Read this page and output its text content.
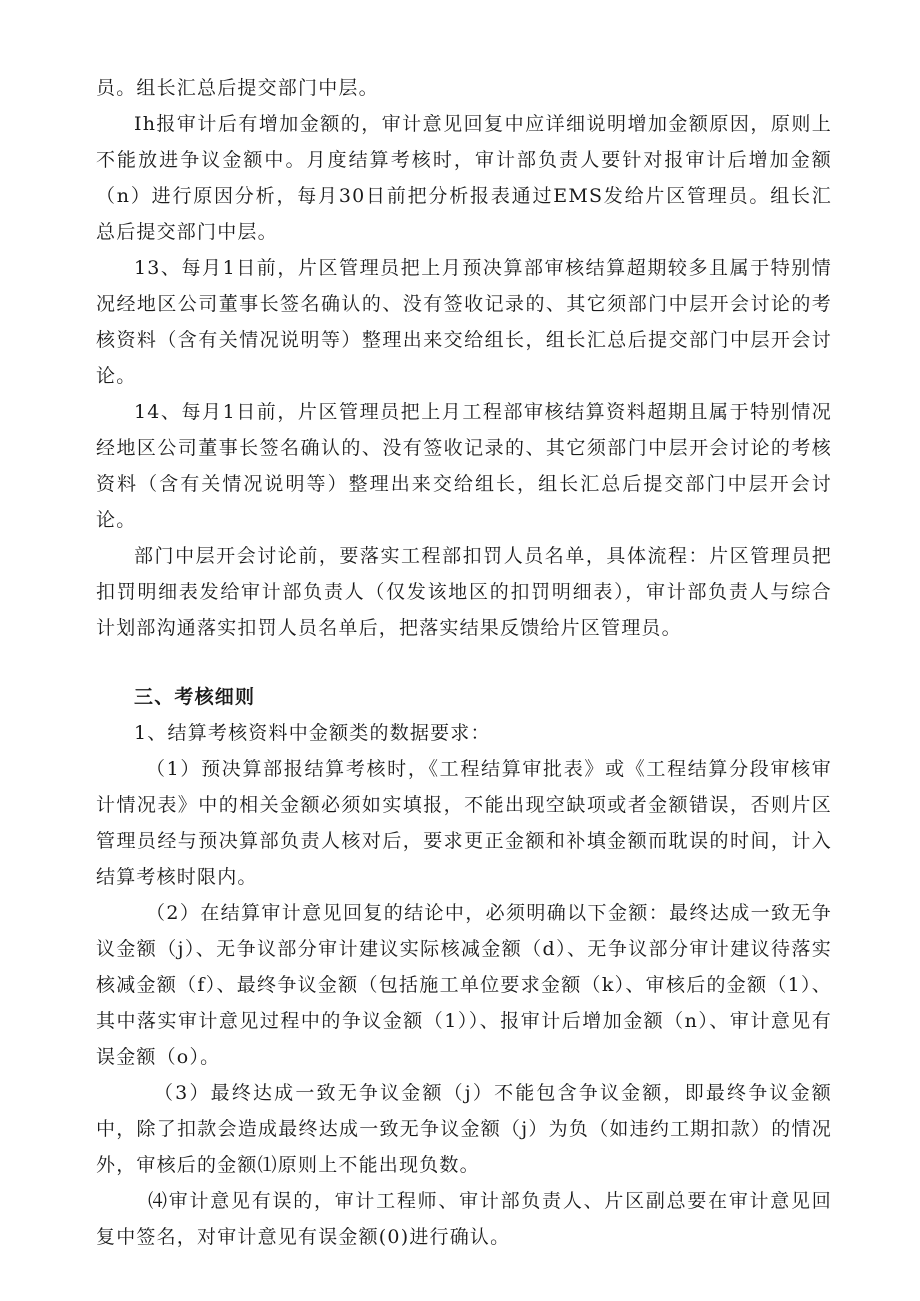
员。组长汇总后提交部门中层。

Ih报审计后有增加金额的，审计意见回复中应详细说明增加金额原因，原则上不能放进争议金额中。月度结算考核时，审计部负责人要针对报审计后增加金额（n）进行原因分析，每月30日前把分析报表通过EMS发给片区管理员。组长汇总后提交部门中层。

13、每月1日前，片区管理员把上月预决算部审核结算超期较多且属于特别情况经地区公司董事长签名确认的、没有签收记录的、其它须部门中层开会讨论的考核资料（含有关情况说明等）整理出来交给组长，组长汇总后提交部门中层开会讨论。

14、每月1日前，片区管理员把上月工程部审核结算资料超期且属于特别情况经地区公司董事长签名确认的、没有签收记录的、其它须部门中层开会讨论的考核资料（含有关情况说明等）整理出来交给组长，组长汇总后提交部门中层开会讨论。

部门中层开会讨论前，要落实工程部扣罚人员名单，具体流程：片区管理员把扣罚明细表发给审计部负责人（仅发该地区的扣罚明细表），审计部负责人与综合计划部沟通落实扣罚人员名单后，把落实结果反馈给片区管理员。

三、考核细则

1、结算考核资料中金额类的数据要求：

（1）预决算部报结算考核时，《工程结算审批表》或《工程结算分段审核审计情况表》中的相关金额必须如实填报，不能出现空缺项或者金额错误，否则片区管理员经与预决算部负责人核对后，要求更正金额和补填金额而耽误的时间，计入结算考核时限内。

（2）在结算审计意见回复的结论中，必须明确以下金额：最终达成一致无争议金额（j）、无争议部分审计建议实际核减金额（d）、无争议部分审计建议待落实核减金额（f）、最终争议金额（包括施工单位要求金额（k）、审核后的金额（1）、其中落实审计意见过程中的争议金额（1））、报审计后增加金额（n）、审计意见有误金额（o）。

（3）最终达成一致无争议金额（j）不能包含争议金额，即最终争议金额中，除了扣款会造成最终达成一致无争议金额（j）为负（如违约工期扣款）的情况外，审核后的金额⑴原则上不能出现负数。

⑷审计意见有误的，审计工程师、审计部负责人、片区副总要在审计意见回复中签名，对审计意见有误金额(0)进行确认。
